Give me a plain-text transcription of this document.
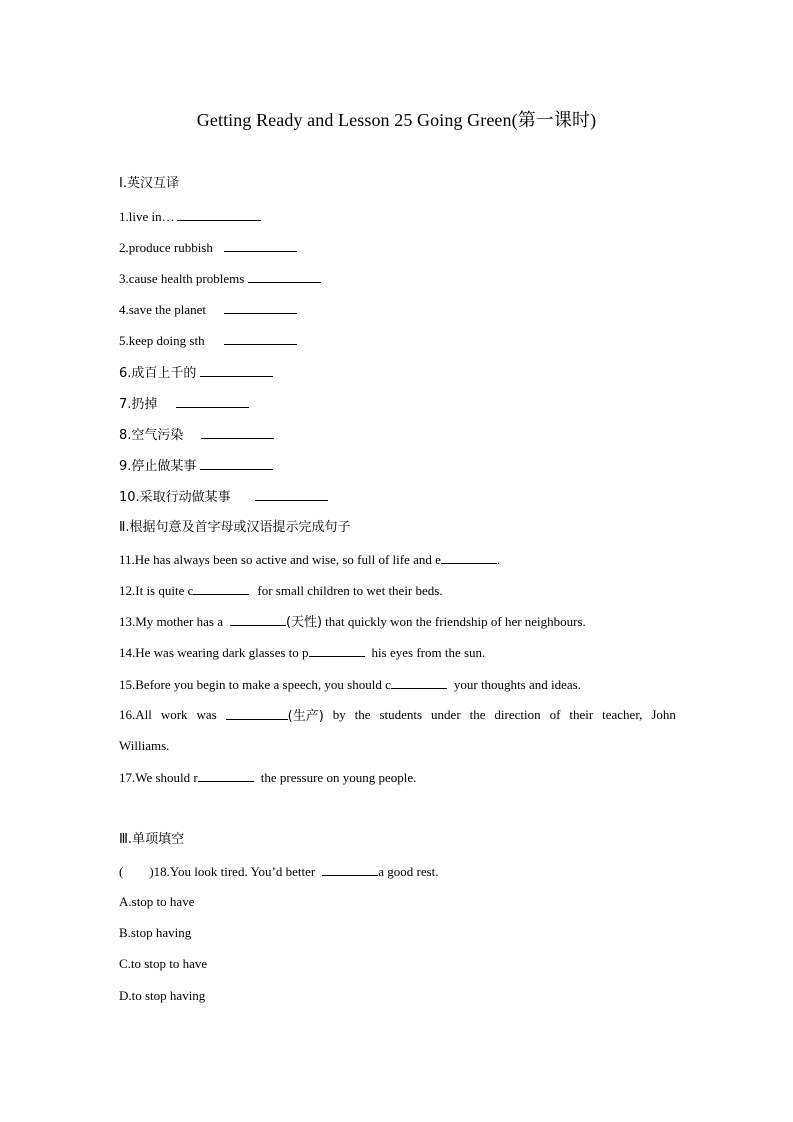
Getting Ready and Lesson 25 Going Green(第一课时)
Ⅰ.英汉互译
1.live in…
2.produce rubbish
3.cause health problems
4.save the planet
5.keep doing sth
6.成百上千的
7.扔掉
8.空气污染
9.停止做某事
10.采取行动做某事
Ⅱ.根据句意及首字母或汉语提示完成句子
11.He has always been so active and wise, so full of life and e	.
12.It is quite c	for small children to wet their beds.
13.My mother has a	(天性) that quickly won the friendship of her neighbours.
14.He was wearing dark glasses to p	his eyes from the sun.
15.Before you begin to make a speech, you should c	your thoughts and ideas.
16.All work was	(生产) by the students under the direction of their teacher, John
Williams.
17.We should r	the pressure on young people.
Ⅲ.单项填空
(        )18.You look tired. You’d better	a good rest.
A.stop to have
B.stop having
C.to stop to have
D.to stop having
